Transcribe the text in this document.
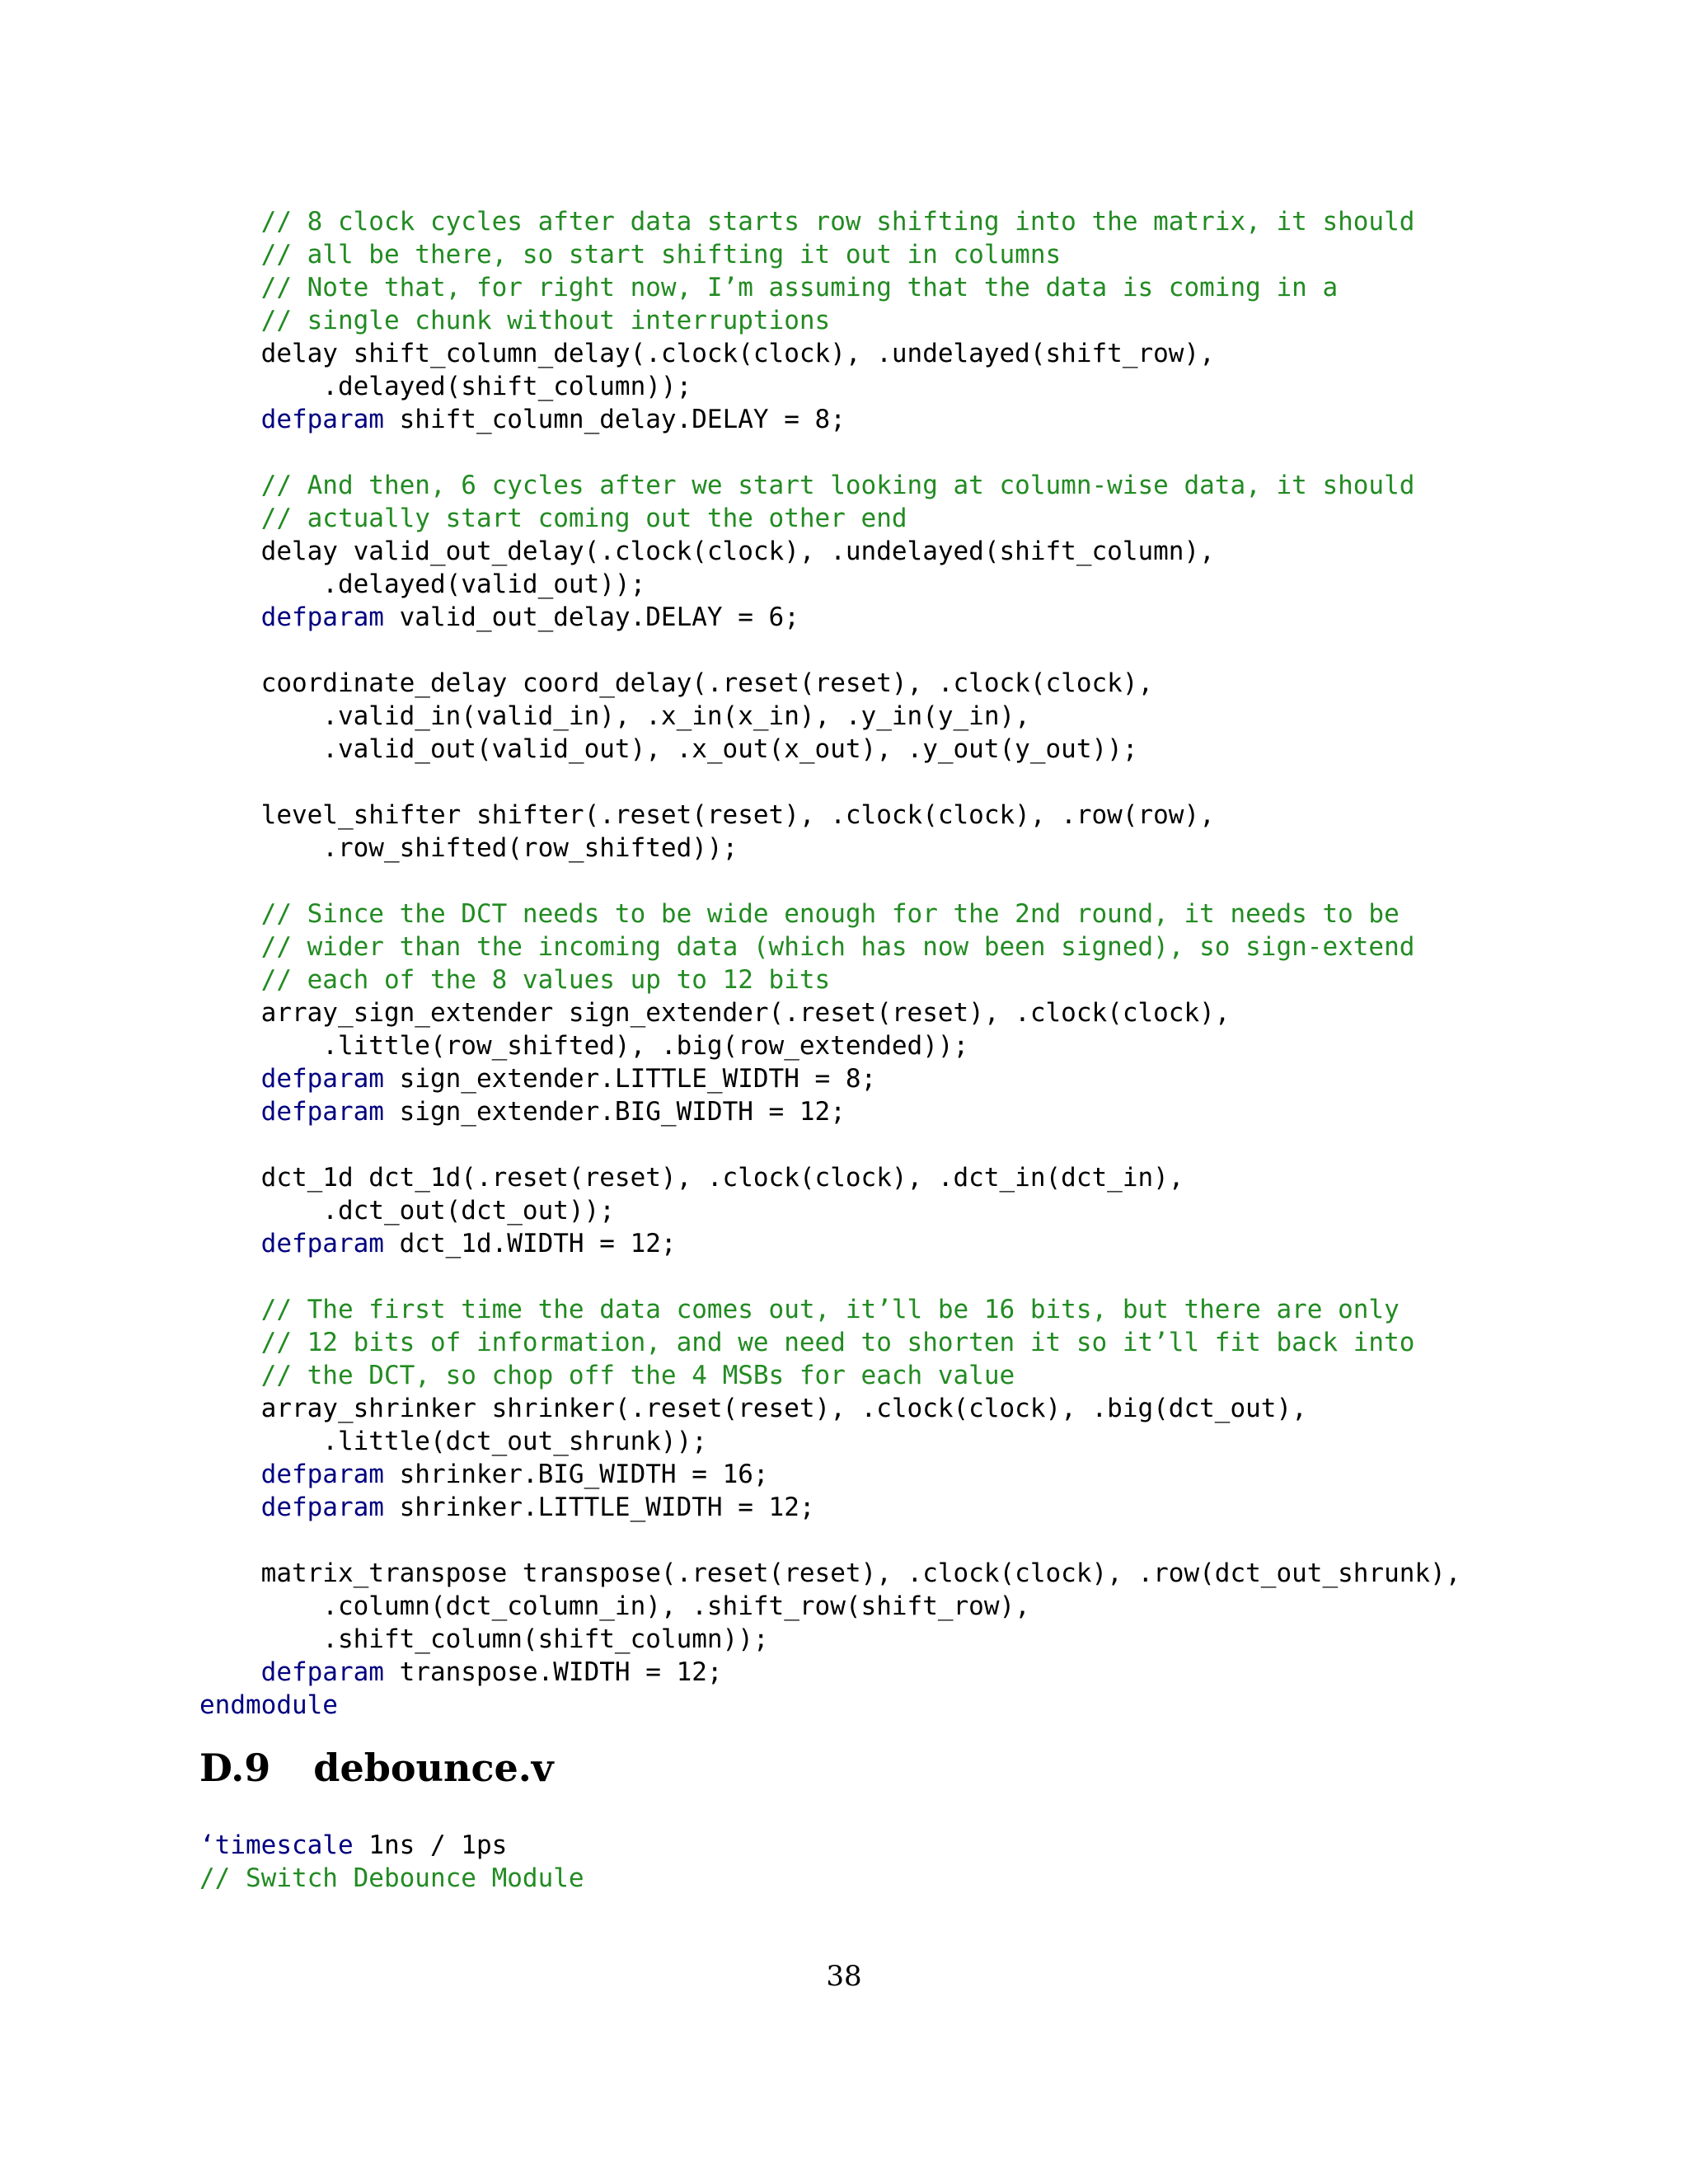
// 8 clock cycles after data starts row shifting into the matrix, it should
// all be there, so start shifting it out in columns
// Note that, for right now, I’m assuming that the data is coming in a
// single chunk without interruptions
delay shift_column_delay(.clock(clock), .undelayed(shift_row),
.delayed(shift_column));
defparam shift_column_delay.DELAY = 8;
// And then, 6 cycles after we start looking at column-wise data, it should
// actually start coming out the other end
delay valid_out_delay(.clock(clock), .undelayed(shift_column),
.delayed(valid_out));
defparam valid_out_delay.DELAY = 6;
coordinate_delay coord_delay(.reset(reset), .clock(clock),
.valid_in(valid_in), .x_in(x_in), .y_in(y_in),
.valid_out(valid_out), .x_out(x_out), .y_out(y_out));
level_shifter shifter(.reset(reset), .clock(clock), .row(row),
.row_shifted(row_shifted));
// Since the DCT needs to be wide enough for the 2nd round, it needs to be
// wider than the incoming data (which has now been signed), so sign-extend
// each of the 8 values up to 12 bits
array_sign_extender sign_extender(.reset(reset), .clock(clock),
.little(row_shifted), .big(row_extended));
defparam sign_extender.LITTLE_WIDTH = 8;
defparam sign_extender.BIG_WIDTH = 12;
dct_1d dct_1d(.reset(reset), .clock(clock), .dct_in(dct_in),
.dct_out(dct_out));
defparam dct_1d.WIDTH = 12;
// The first time the data comes out, it’ll be 16 bits, but there are only
// 12 bits of information, and we need to shorten it so it’ll fit back into
// the DCT, so chop off the 4 MSBs for each value
array_shrinker shrinker(.reset(reset), .clock(clock), .big(dct_out),
.little(dct_out_shrunk));
defparam shrinker.BIG_WIDTH = 16;
defparam shrinker.LITTLE_WIDTH = 12;
matrix_transpose transpose(.reset(reset), .clock(clock), .row(dct_out_shrunk),
.column(dct_column_in), .shift_row(shift_row),
.shift_column(shift_column));
defparam transpose.WIDTH = 12;
endmodule
D.9 debounce.v
‘timescale 1ns / 1ps
// Switch Debounce Module
38
